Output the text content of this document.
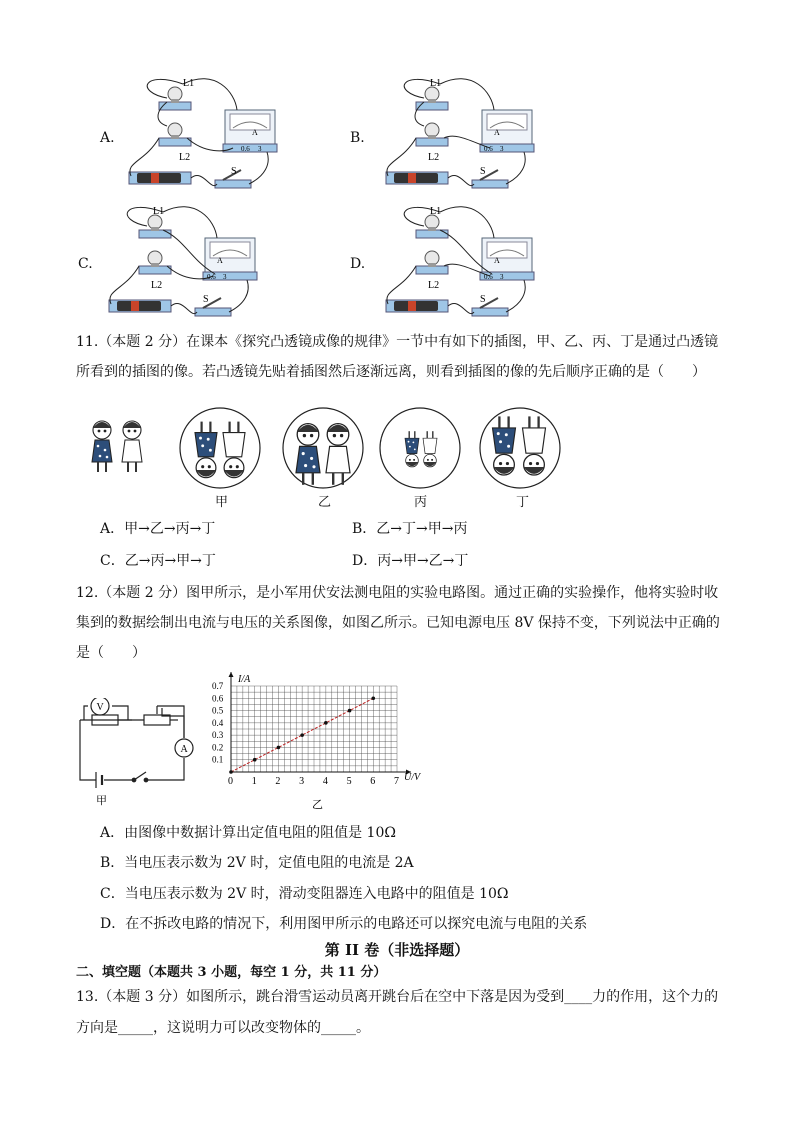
A.
L1
L2
S
A
0.6 3
B.
L1
L2
S
A
0.6 3
C.
L1
L2
S
A
0.6 3
D.
L1
L2
S
A
0.6 3
11.（本题 2 分）在课本《探究凸透镜成像的规律》一节中有如下的插图，甲、乙、丙、丁是通过凸透镜
所看到的插图的像。若凸透镜先贴着插图然后逐渐远离，则看到插图的像的先后顺序正确的是（　　）
甲	乙	丙	丁
A．甲→乙→丙→丁	B．乙→丁→甲→丙
C．乙→丙→甲→丁	D．丙→甲→乙→丁
12.（本题 2 分）图甲所示，是小军用伏安法测电阻的实验电路图。通过正确的实验操作，他将实验时收
集到的数据绘制出电流与电压的关系图像，如图乙所示。已知电源电压 8V 保持不变，下列说法中正确的
是（　　）
V
A
甲
0 1 2 3 4 5 6 7
0.1
0.2
0.3
0.4
0.5
0.6
0.7
I/A
U/V
乙
A．由图像中数据计算出定值电阻的阻值是 10Ω
B．当电压表示数为 2V 时，定值电阻的电流是 2A
C．当电压表示数为 2V 时，滑动变阻器连入电路中的阻值是 10Ω
D．在不拆改电路的情况下，利用图甲所示的电路还可以探究电流与电阻的关系
第 II 卷（非选择题）
二、填空题（本题共 3 小题，每空 1 分，共 11 分）
13.（本题 3 分）如图所示，跳台滑雪运动员离开跳台后在空中下落是因为受到____力的作用，这个力的
方向是_____，这说明力可以改变物体的_____。
